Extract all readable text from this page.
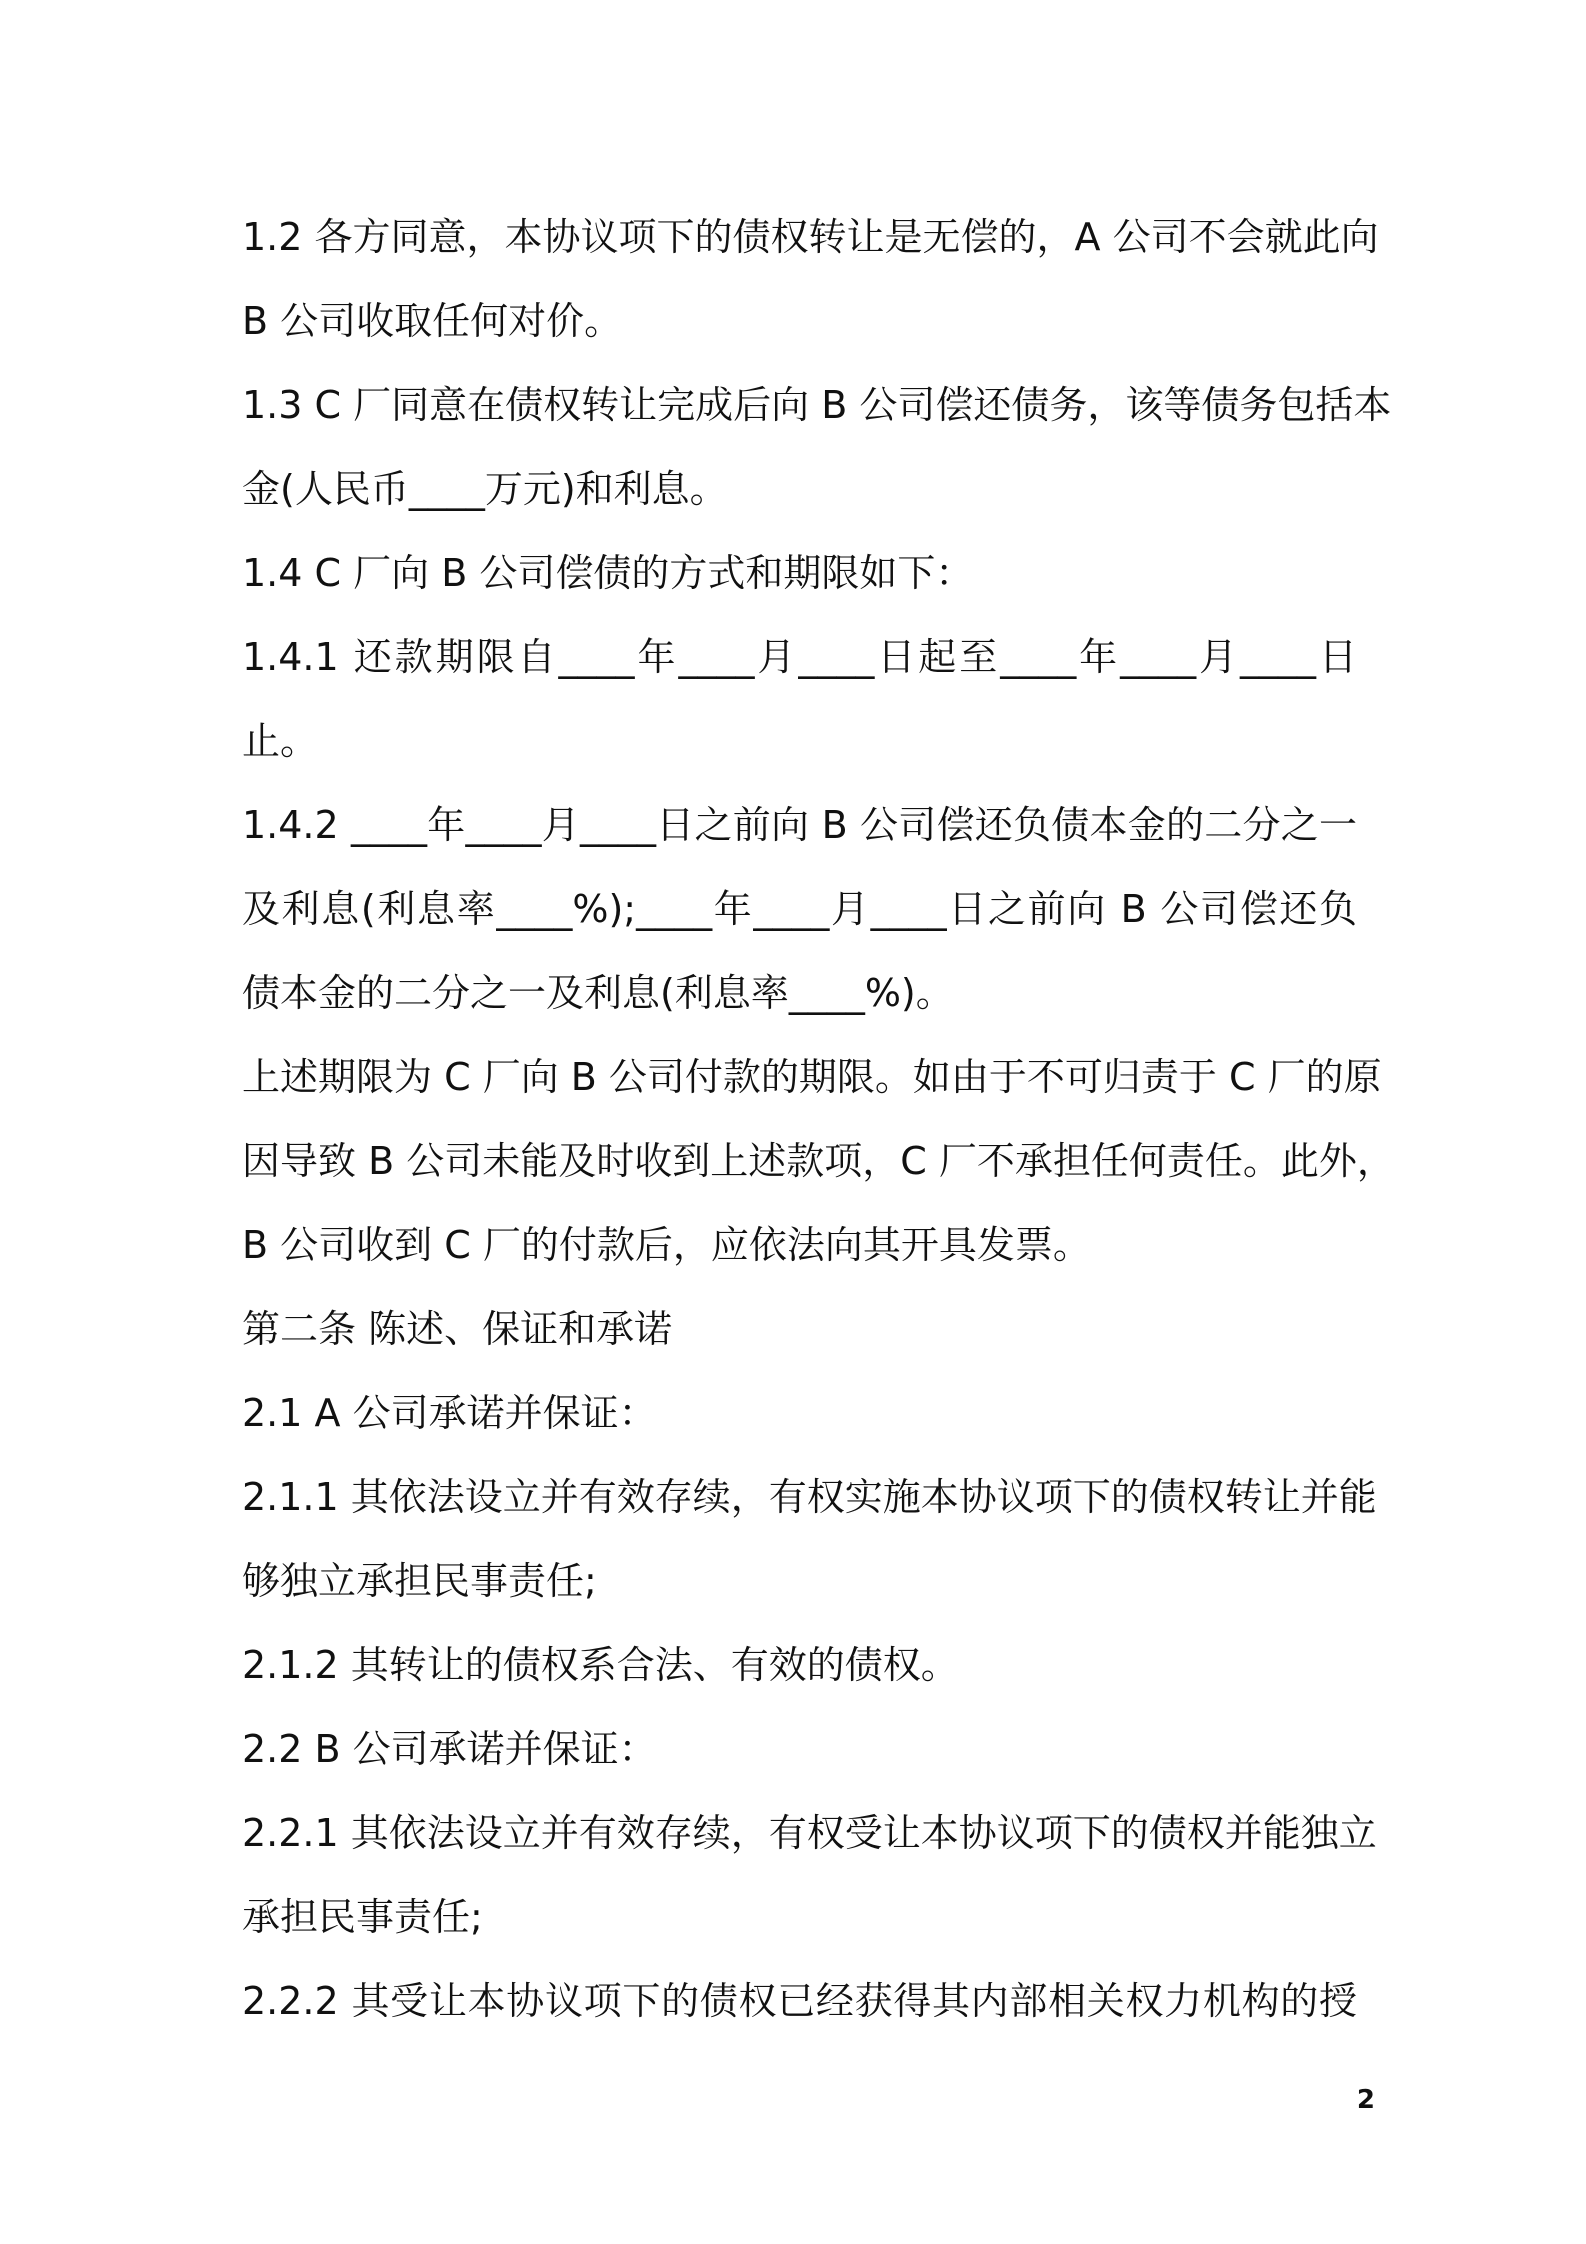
1.2 各方同意，本协议项下的债权转让是无偿的，A 公司不会就此向
B 公司收取任何对价。
1.3 C 厂同意在债权转让完成后向 B 公司偿还债务，该等债务包括本
金(人民币____万元)和利息。
1.4 C 厂向 B 公司偿债的方式和期限如下：
1.4.1 还款期限自____年____月____日起至____年____月____日
止。
1.4.2 ____年____月____日之前向 B 公司偿还负债本金的二分之一
及利息(利息率____%);____年____月____日之前向 B 公司偿还负
债本金的二分之一及利息(利息率____%)。
上述期限为 C 厂向 B 公司付款的期限。如由于不可归责于 C 厂的原
因导致 B 公司未能及时收到上述款项，C 厂不承担任何责任。此外，
B 公司收到 C 厂的付款后，应依法向其开具发票。
第二条 陈述、保证和承诺
2.1 A 公司承诺并保证：
2.1.1 其依法设立并有效存续，有权实施本协议项下的债权转让并能
够独立承担民事责任;
2.1.2 其转让的债权系合法、有效的债权。
2.2 B 公司承诺并保证：
2.2.1 其依法设立并有效存续，有权受让本协议项下的债权并能独立
承担民事责任;
2.2.2 其受让本协议项下的债权已经获得其内部相关权力机构的授
2
